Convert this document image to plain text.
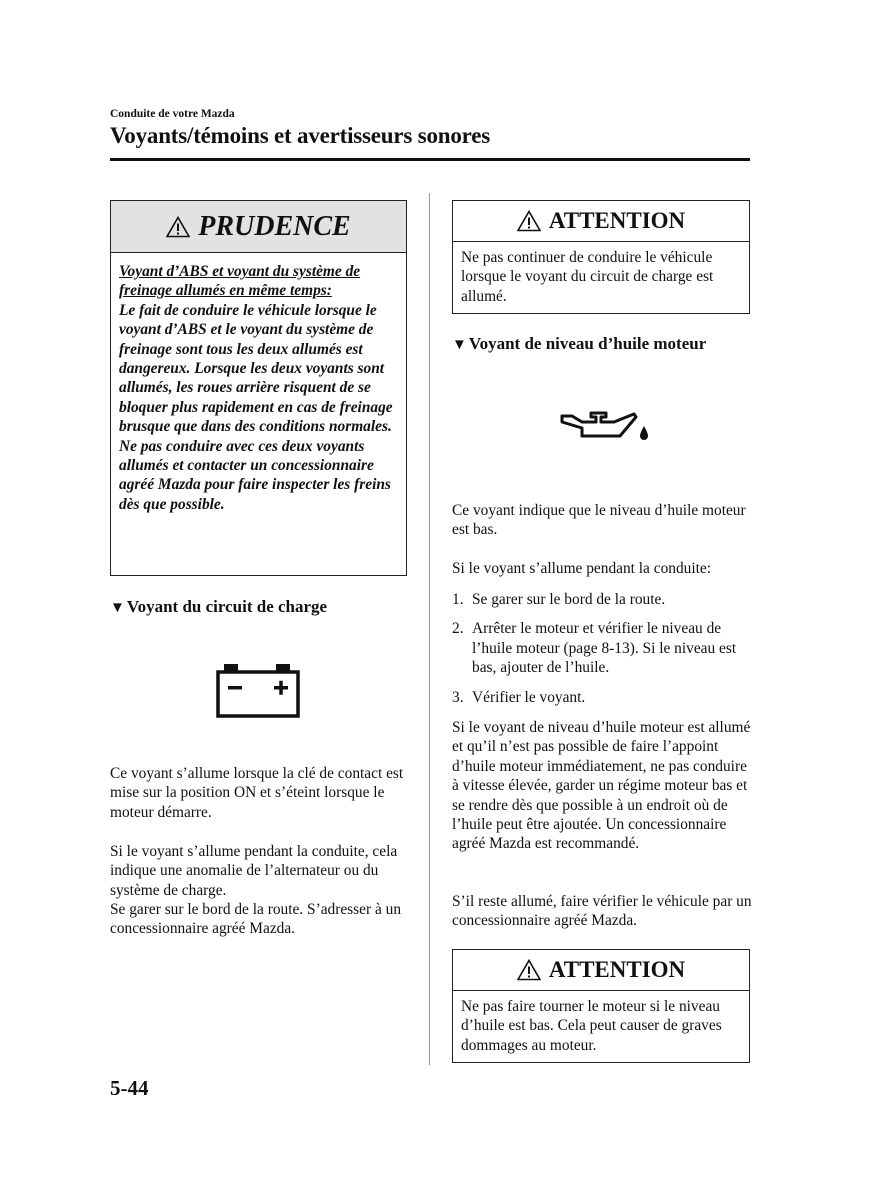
Conduite de votre Mazda
Voyants/témoins et avertisseurs sonores
PRUDENCE
Voyant d’ABS et voyant du système de freinage allumés en même temps:
Le fait de conduire le véhicule lorsque le voyant d’ABS et le voyant du système de freinage sont tous les deux allumés est dangereux. Lorsque les deux voyants sont allumés, les roues arrière risquent de se bloquer plus rapidement en cas de freinage brusque que dans des conditions normales. Ne pas conduire avec ces deux voyants allumés et contacter un concessionnaire agréé Mazda pour faire inspecter les freins dès que possible.
▼ Voyant du circuit de charge
Ce voyant s’allume lorsque la clé de contact est mise sur la position ON et s’éteint lorsque le moteur démarre.
Si le voyant s’allume pendant la conduite, cela indique une anomalie de l’alternateur ou du système de charge.
Se garer sur le bord de la route. S’adresser à un concessionnaire agréé Mazda.
ATTENTION
Ne pas continuer de conduire le véhicule lorsque le voyant du circuit de charge est allumé.
▼ Voyant de niveau d’huile moteur
Ce voyant indique que le niveau d’huile moteur est bas.
Si le voyant s’allume pendant la conduite:
1. Se garer sur le bord de la route.
2. Arrêter le moteur et vérifier le niveau de l’huile moteur (page 8-13). Si le niveau est bas, ajouter de l’huile.
3. Vérifier le voyant.
Si le voyant de niveau d’huile moteur est allumé et qu’il n’est pas possible de faire l’appoint d’huile moteur immédiatement, ne pas conduire à vitesse élevée, garder un régime moteur bas et se rendre dès que possible à un endroit où de l’huile peut être ajoutée. Un concessionnaire agréé Mazda est recommandé.
S’il reste allumé, faire vérifier le véhicule par un concessionnaire agréé Mazda.
ATTENTION
Ne pas faire tourner le moteur si le niveau d’huile est bas. Cela peut causer de graves dommages au moteur.
5-44
